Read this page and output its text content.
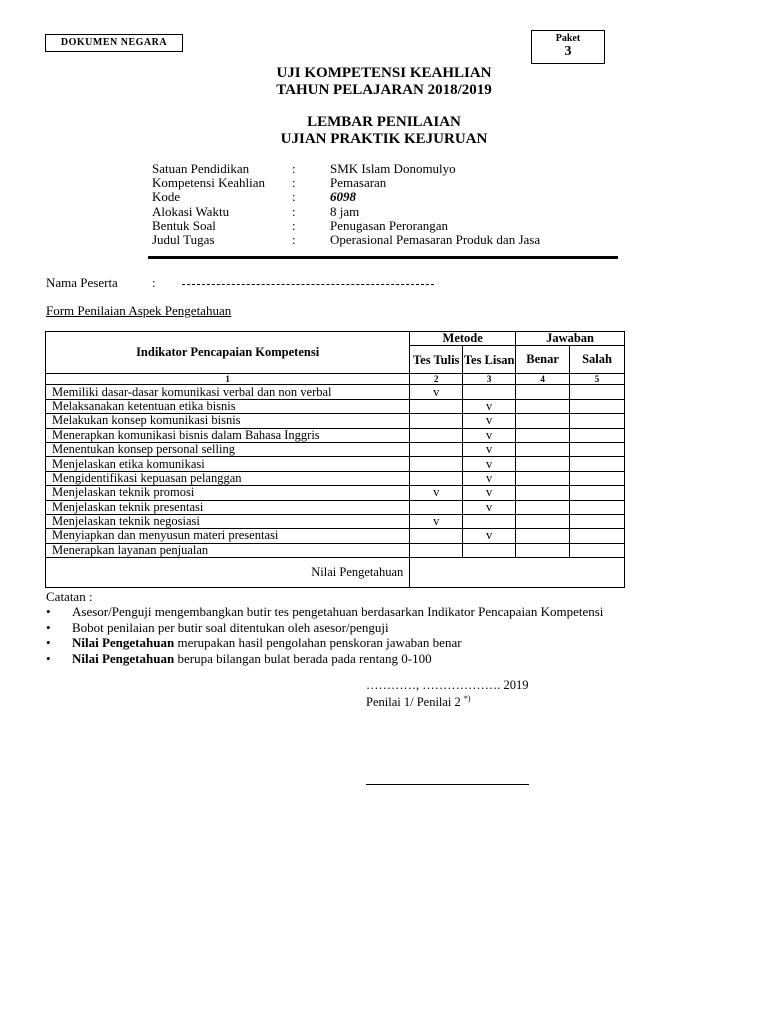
DOKUMEN NEGARA	Paket
3
UJI KOMPETENSI KEAHLIAN
TAHUN PELAJARAN 2018/2019
LEMBAR PENILAIAN
UJIAN PRAKTIK KEJURUAN
Satuan Pendidikan	:	SMK Islam Donomulyo
Kompetensi Keahlian	:	Pemasaran
Kode	:	6098
Alokasi Waktu	:	8 jam
Bentuk Soal	:	Penugasan Perorangan
Judul Tugas	:	Operasional Pemasaran Produk dan Jasa
Nama Peserta	:
Form Penilaian Aspek Pengetahuan
Indikator Pencapaian Kompetensi	Metode		Jawaban	
	Tes Tulis	Tes Lisan	Benar	Salah
1	2	3	4	5
Memiliki dasar-dasar komunikasi verbal dan non verbal	v			
Melaksanakan ketentuan etika bisnis		v		
Melakukan konsep komunikasi bisnis		v		
Menerapkan komunikasi bisnis dalam Bahasa Inggris		v		
Menentukan konsep personal selling		v		
Menjelaskan etika komunikasi		v		
Mengidentifikasi kepuasan pelanggan		v		
Menjelaskan teknik promosi	v	v		
Menjelaskan teknik presentasi		v		
Menjelaskan teknik negosiasi	v			
Menyiapkan dan menyusun materi presentasi		v		
Menerapkan layanan penjualan				
Nilai Pengetahuan				
Catatan :
•	Asesor/Penguji mengembangkan butir tes pengetahuan berdasarkan Indikator Pencapaian Kompetensi
•	Bobot penilaian per butir soal ditentukan oleh asesor/penguji
•	Nilai Pengetahuan merupakan hasil pengolahan penskoran jawaban benar
•	Nilai Pengetahuan berupa bilangan bulat berada pada rentang 0-100
…………, ………………. 2019
Penilai 1/ Penilai 2 *)
